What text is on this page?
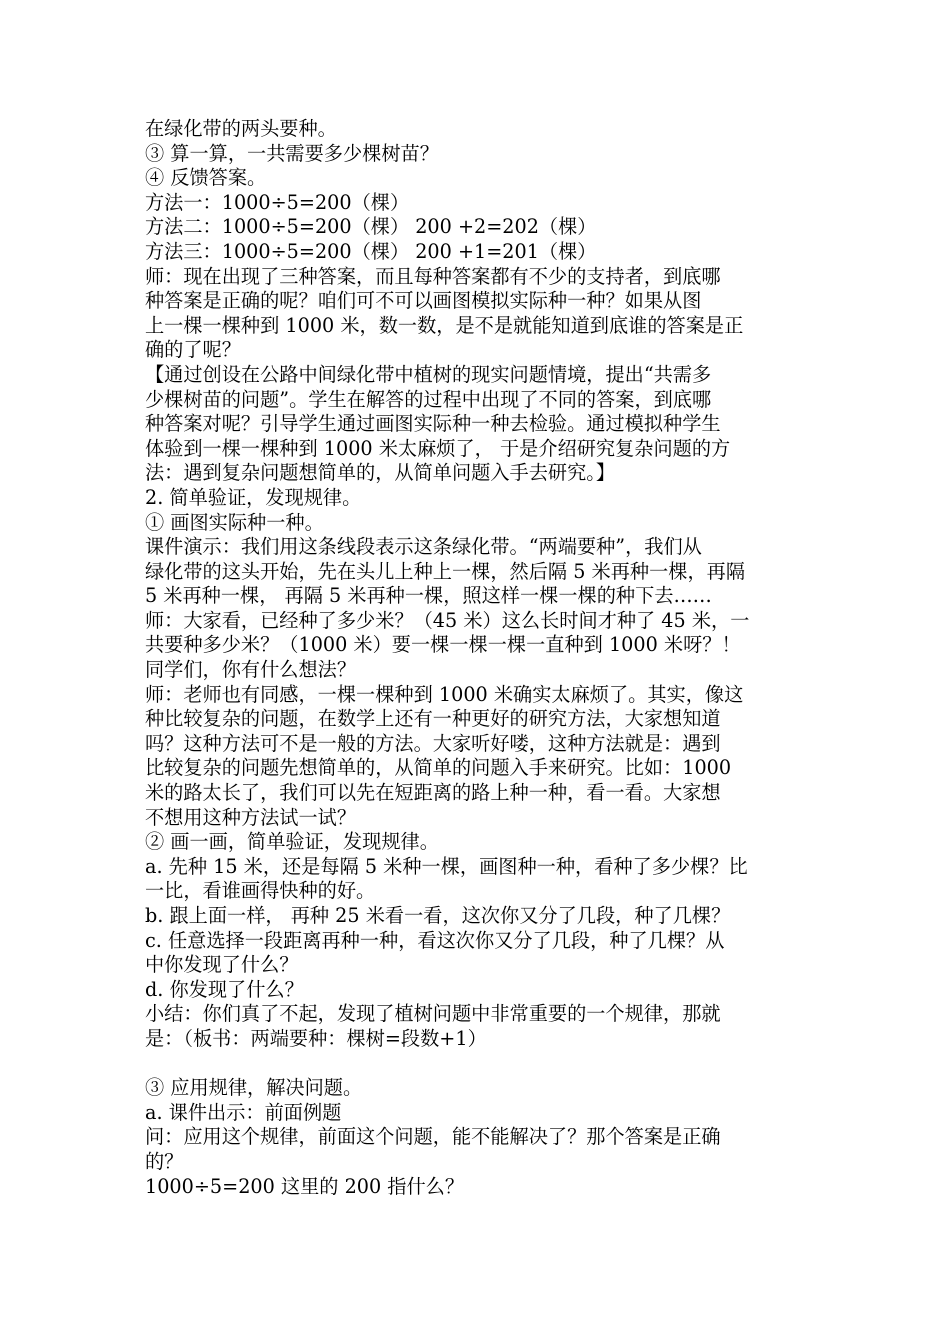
在绿化带的两头要种。
③ 算一算，一共需要多少棵树苗？
④ 反馈答案。
方法一：1000÷5=200（棵）
方法二：1000÷5=200（棵） 200 +2=202（棵）
方法三：1000÷5=200（棵） 200 +1=201（棵）
师：现在出现了三种答案，而且每种答案都有不少的支持者，到底哪
种答案是正确的呢？咱们可不可以画图模拟实际种一种？如果从图
上一棵一棵种到 1000 米，数一数，是不是就能知道到底谁的答案是正
确的了呢？
【通过创设在公路中间绿化带中植树的现实问题情境，提出“共需多
少棵树苗的问题”。学生在解答的过程中出现了不同的答案，到底哪
种答案对呢？引导学生通过画图实际种一种去检验。通过模拟种学生
体验到一棵一棵种到 1000 米太麻烦了， 于是介绍研究复杂问题的方
法：遇到复杂问题想简单的，从简单问题入手去研究。】
2. 简单验证，发现规律。
① 画图实际种一种。
课件演示：我们用这条线段表示这条绿化带。“两端要种”，我们从
绿化带的这头开始，先在头儿上种上一棵，然后隔 5 米再种一棵，再隔
5 米再种一棵， 再隔 5 米再种一棵，照这样一棵一棵的种下去……
师：大家看，已经种了多少米？（45 米）这么长时间才种了 45 米，一
共要种多少米？（1000 米）要一棵一棵一棵一直种到 1000 米呀？！
同学们，你有什么想法？
师：老师也有同感，一棵一棵种到 1000 米确实太麻烦了。其实，像这
种比较复杂的问题，在数学上还有一种更好的研究方法，大家想知道
吗？这种方法可不是一般的方法。大家听好喽，这种方法就是：遇到
比较复杂的问题先想简单的，从简单的问题入手来研究。比如：1000
米的路太长了，我们可以先在短距离的路上种一种，看一看。大家想
不想用这种方法试一试？
② 画一画，简单验证，发现规律。
a. 先种 15 米，还是每隔 5 米种一棵，画图种一种，看种了多少棵？比
一比，看谁画得快种的好。
b. 跟上面一样， 再种 25 米看一看，这次你又分了几段，种了几棵？
c. 任意选择一段距离再种一种，看这次你又分了几段，种了几棵？从
中你发现了什么？
d. 你发现了什么？
小结：你们真了不起，发现了植树问题中非常重要的一个规律，那就
是：（板书：两端要种：棵树=段数+1）
③ 应用规律，解决问题。
a. 课件出示：前面例题
问：应用这个规律，前面这个问题，能不能解决了？那个答案是正确
的？
1000÷5=200 这里的 200 指什么？
